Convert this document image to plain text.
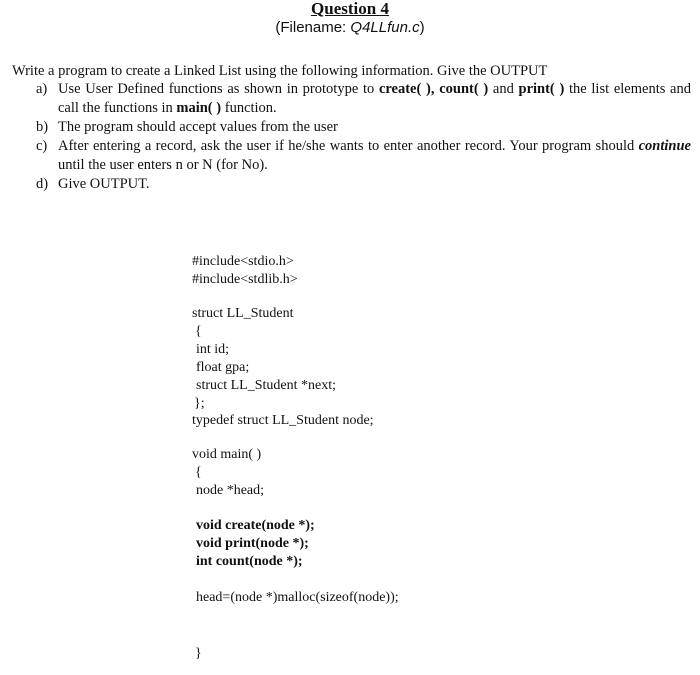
Question 4
(Filename: Q4LLfun.c)
Write a program to create a Linked List using the following information. Give the OUTPUT
a) Use User Defined functions as shown in prototype to create( ), count( ) and print( ) the list elements and call the functions in main( ) function.
b) The program should accept values from the user
c) After entering a record, ask the user if he/she wants to enter another record. Your program should continue until the user enters n or N (for No).
d) Give OUTPUT.
#include<stdio.h>
#include<stdlib.h>
struct LL_Student
{
int id;
float gpa;
struct LL_Student *next;
};
typedef struct LL_Student node;
void main( )
{
node *head;
void create(node *);
void print(node *);
int count(node *);
head=(node *)malloc(sizeof(node));
}
